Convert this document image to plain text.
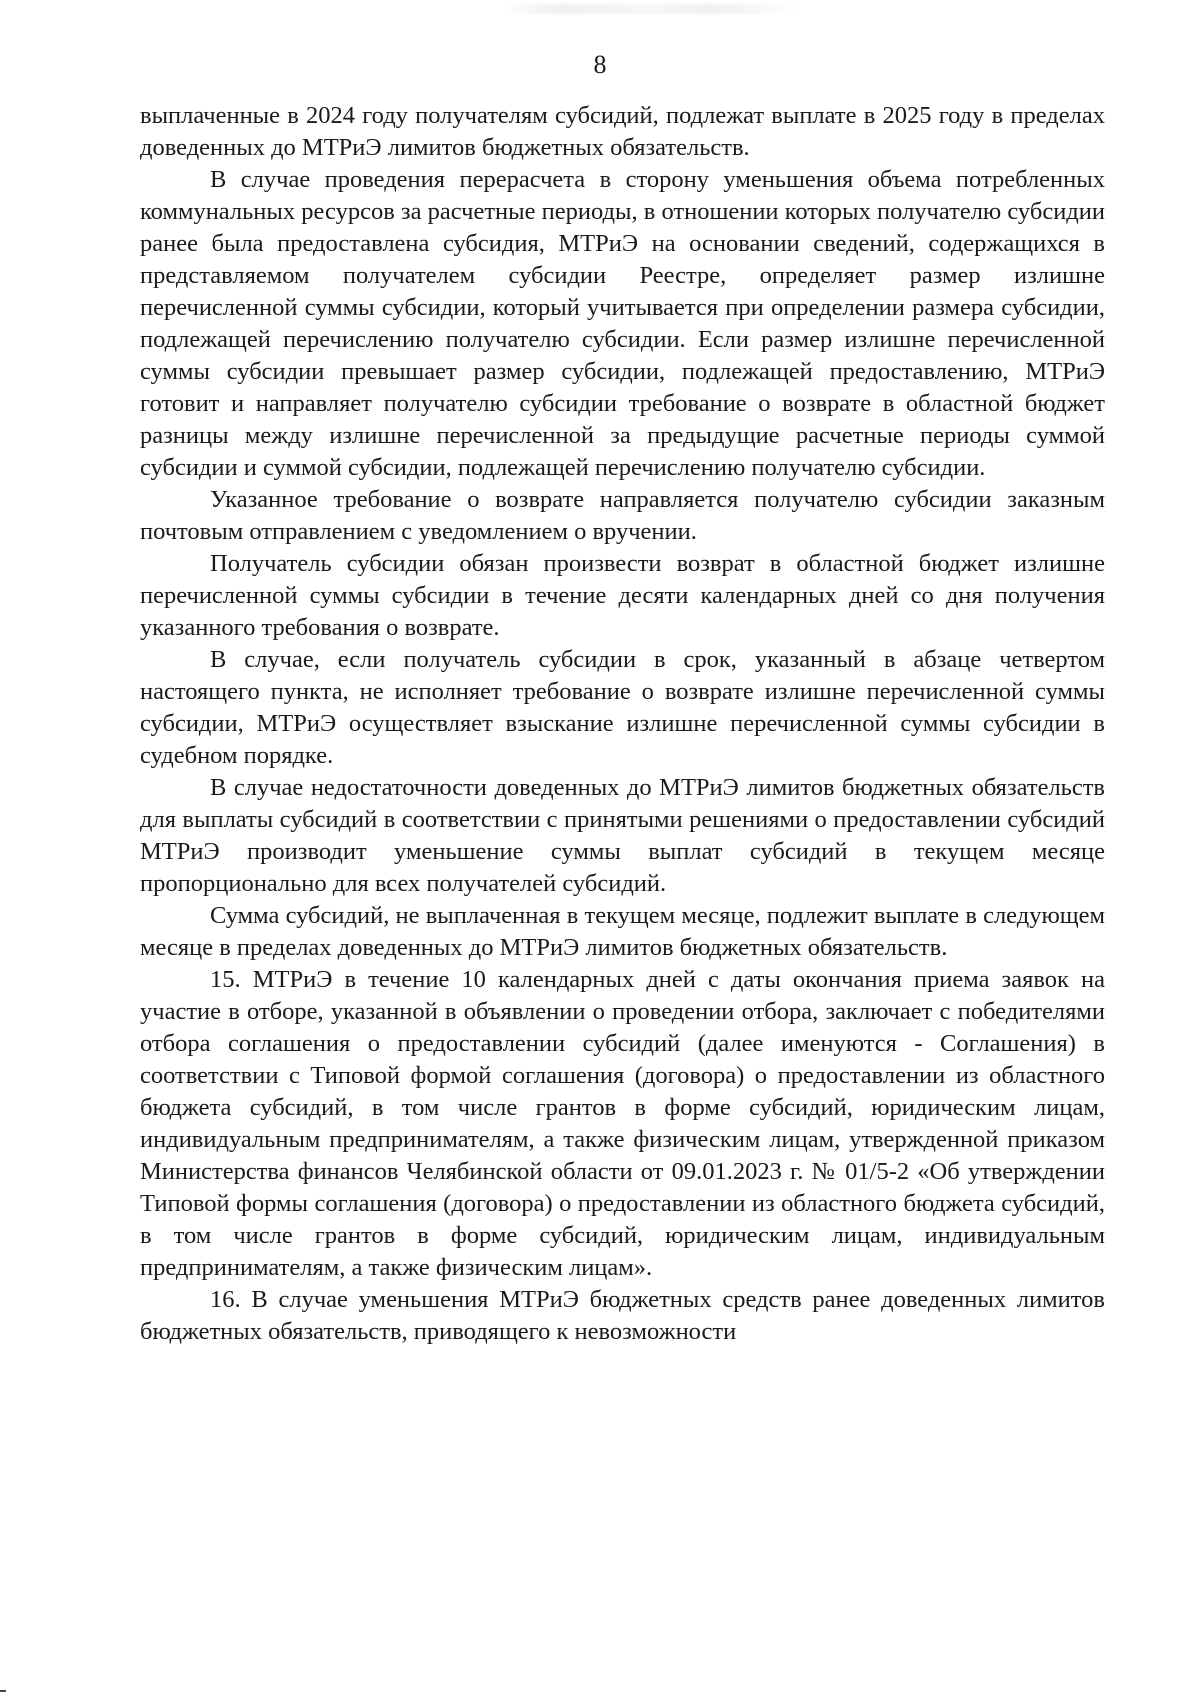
8

выплаченные в 2024 году получателям субсидий, подлежат выплате в 2025 году в пределах доведенных до МТРиЭ лимитов бюджетных обязательств.

В случае проведения перерасчета в сторону уменьшения объема потребленных коммунальных ресурсов за расчетные периоды, в отношении которых получателю субсидии ранее была предоставлена субсидия, МТРиЭ на основании сведений, содержащихся в представляемом получателем субсидии Реестре, определяет размер излишне перечисленной суммы субсидии, который учитывается при определении размера субсидии, подлежащей перечислению получателю субсидии. Если размер излишне перечисленной суммы субсидии превышает размер субсидии, подлежащей предоставлению, МТРиЭ готовит и направляет получателю субсидии требование о возврате в областной бюджет разницы между излишне перечисленной за предыдущие расчетные периоды суммой субсидии и суммой субсидии, подлежащей перечислению получателю субсидии.

Указанное требование о возврате направляется получателю субсидии заказным почтовым отправлением с уведомлением о вручении.

Получатель субсидии обязан произвести возврат в областной бюджет излишне перечисленной суммы субсидии в течение десяти календарных дней со дня получения указанного требования о возврате.

В случае, если получатель субсидии в срок, указанный в абзаце четвертом настоящего пункта, не исполняет требование о возврате излишне перечисленной суммы субсидии, МТРиЭ осуществляет взыскание излишне перечисленной суммы субсидии в судебном порядке.

В случае недостаточности доведенных до МТРиЭ лимитов бюджетных обязательств для выплаты субсидий в соответствии с принятыми решениями о предоставлении субсидий МТРиЭ производит уменьшение суммы выплат субсидий в текущем месяце пропорционально для всех получателей субсидий.

Сумма субсидий, не выплаченная в текущем месяце, подлежит выплате в следующем месяце в пределах доведенных до МТРиЭ лимитов бюджетных обязательств.

15. МТРиЭ в течение 10 календарных дней с даты окончания приема заявок на участие в отборе, указанной в объявлении о проведении отбора, заключает с победителями отбора соглашения о предоставлении субсидий (далее именуются - Соглашения) в соответствии с Типовой формой соглашения (договора) о предоставлении из областного бюджета субсидий, в том числе грантов в форме субсидий, юридическим лицам, индивидуальным предпринимателям, а также физическим лицам, утвержденной приказом Министерства финансов Челябинской области от 09.01.2023 г. № 01/5-2 «Об утверждении Типовой формы соглашения (договора) о предоставлении из областного бюджета субсидий, в том числе грантов в форме субсидий, юридическим лицам, индивидуальным предпринимателям, а также физическим лицам».

16. В случае уменьшения МТРиЭ бюджетных средств ранее доведенных лимитов бюджетных обязательств, приводящего к невозможности
